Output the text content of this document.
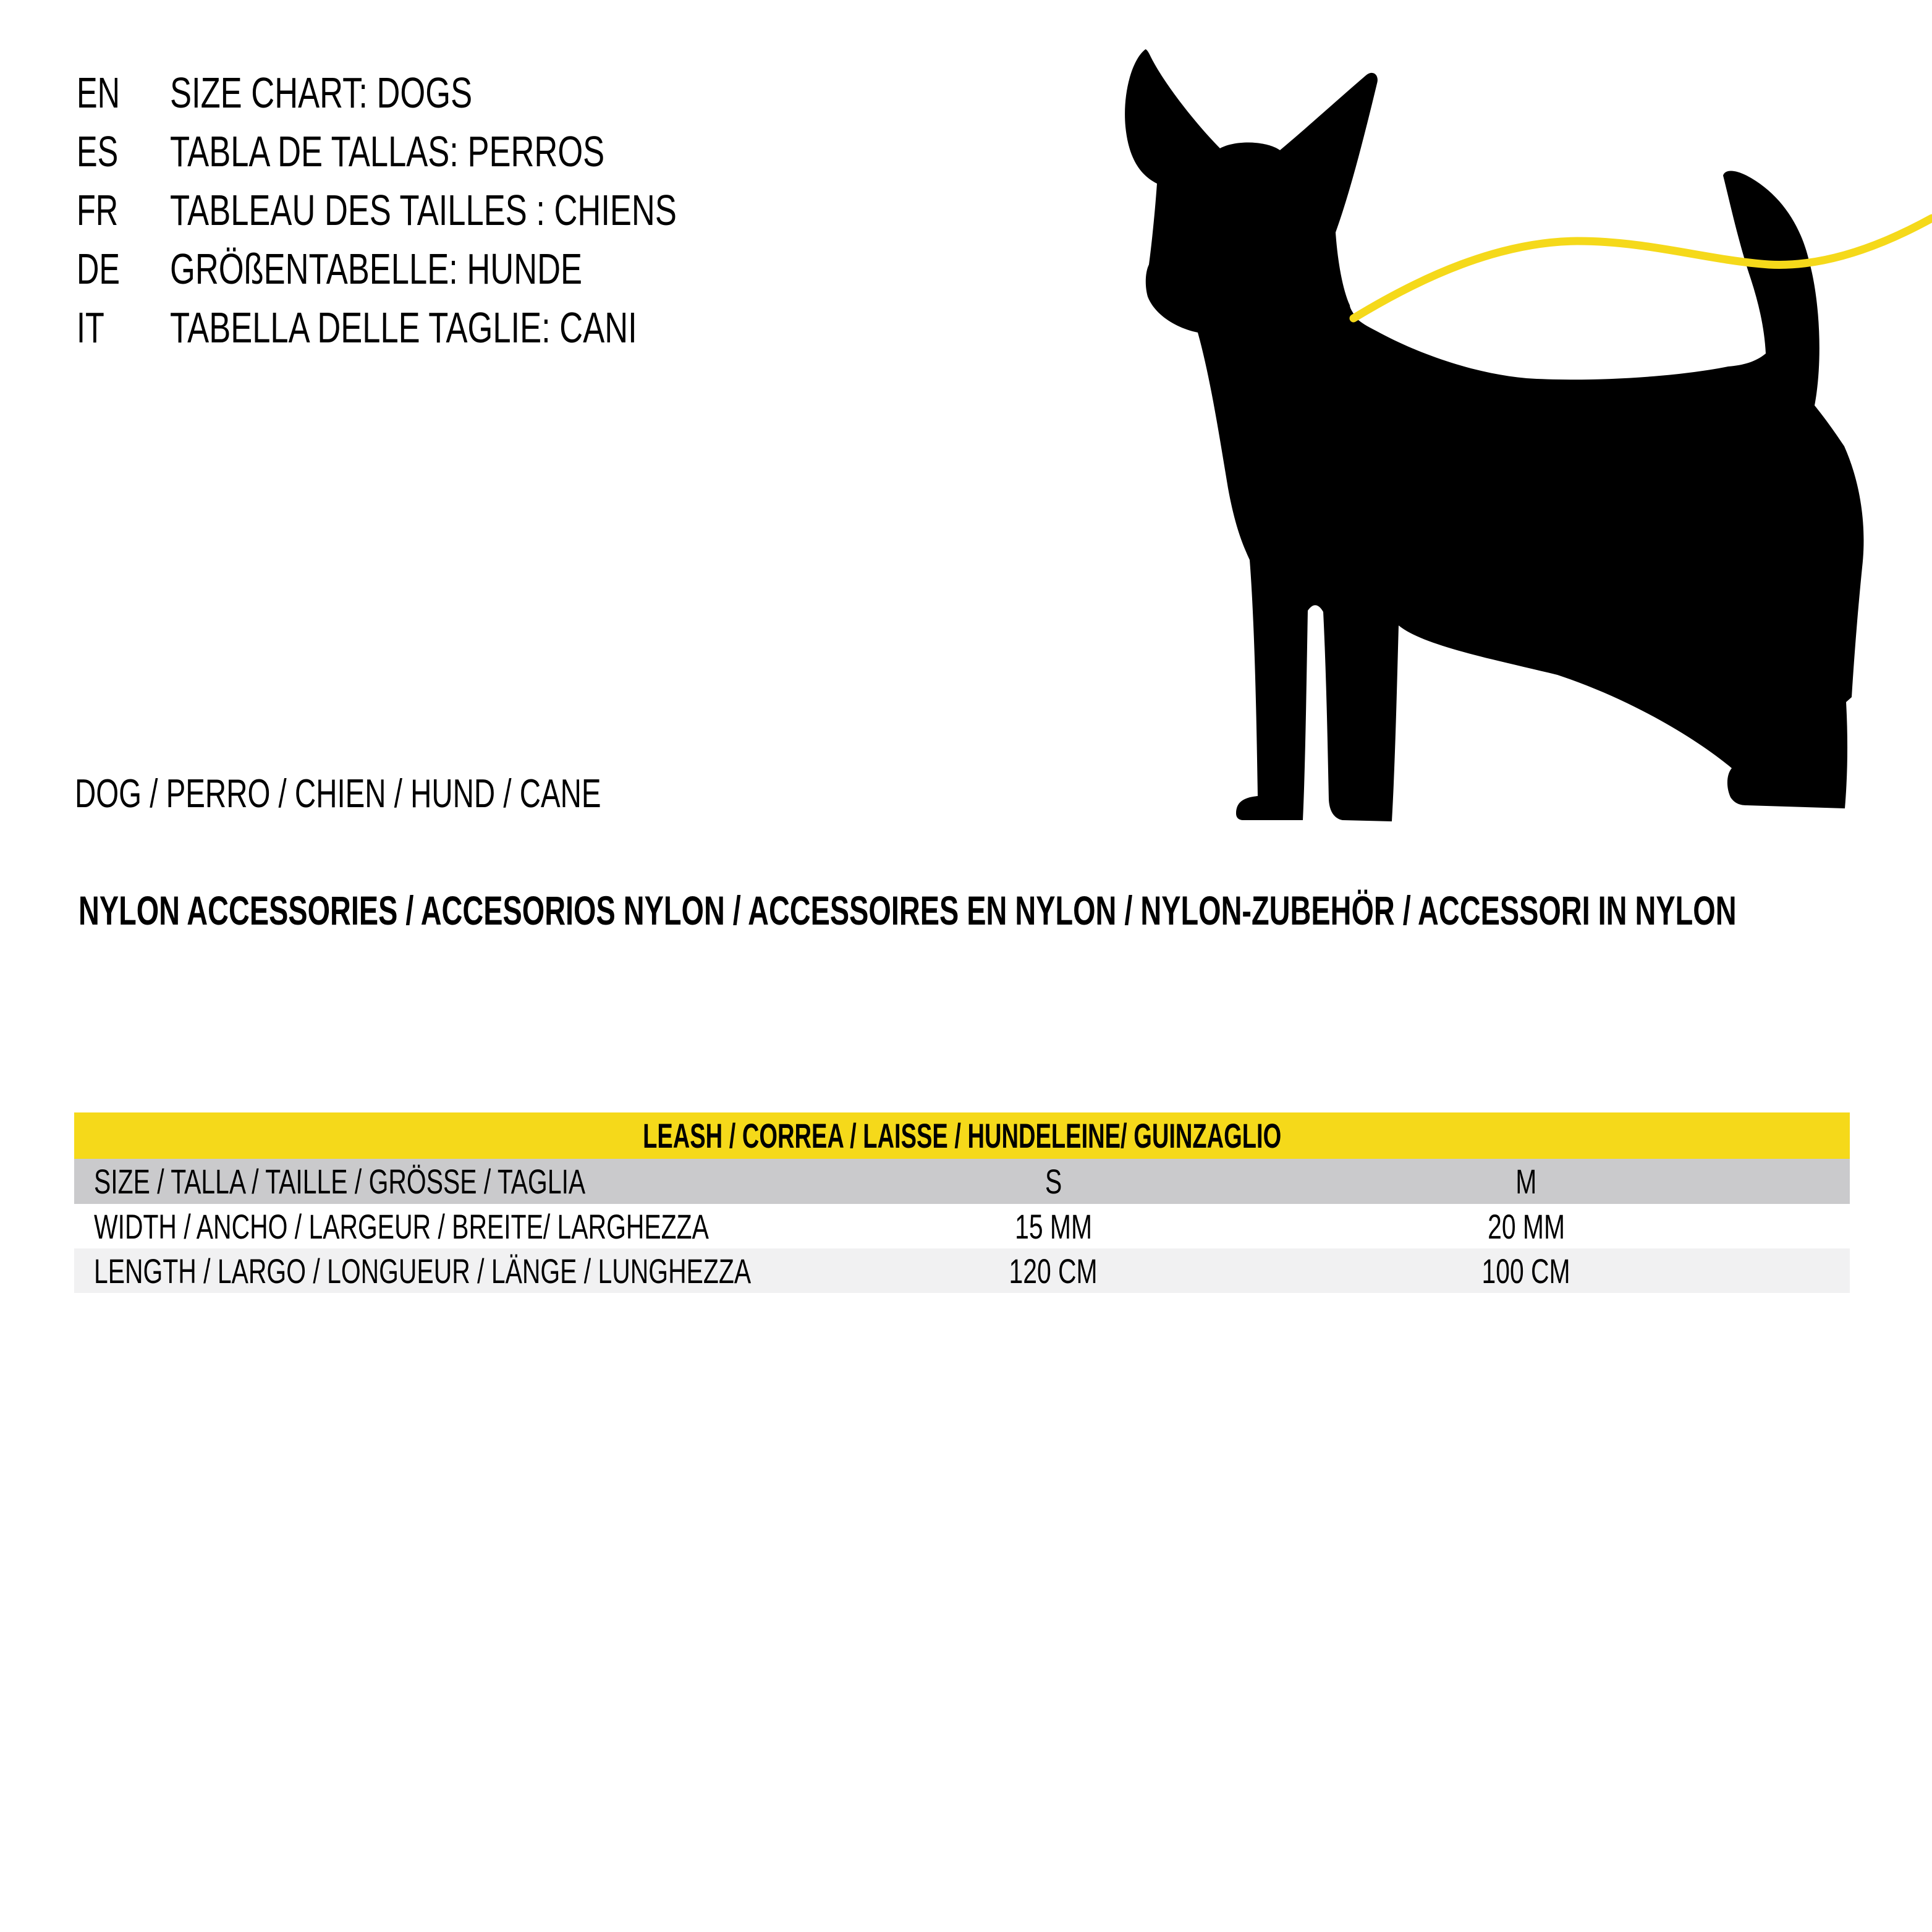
EN SIZE CHART: DOGS
ES TABLA DE TALLAS: PERROS
FR TABLEAU DES TAILLES : CHIENS
DE GRÖßENTABELLE: HUNDE
IT TABELLA DELLE TAGLIE: CANI
DOG / PERRO / CHIEN / HUND / CANE
NYLON ACCESSORIES / ACCESORIOS NYLON / ACCESSOIRES EN NYLON / NYLON-ZUBEHÖR / ACCESSORI IN NYLON
LEASH / CORREA / LAISSE / HUNDELEINE/ GUINZAGLIO
SIZE / TALLA / TAILLE / GRÖSSE / TAGLIA	S	M
WIDTH / ANCHO / LARGEUR / BREITE/ LARGHEZZA	15 MM	20 MM
LENGTH / LARGO / LONGUEUR / LÄNGE / LUNGHEZZA	120 CM	100 CM
